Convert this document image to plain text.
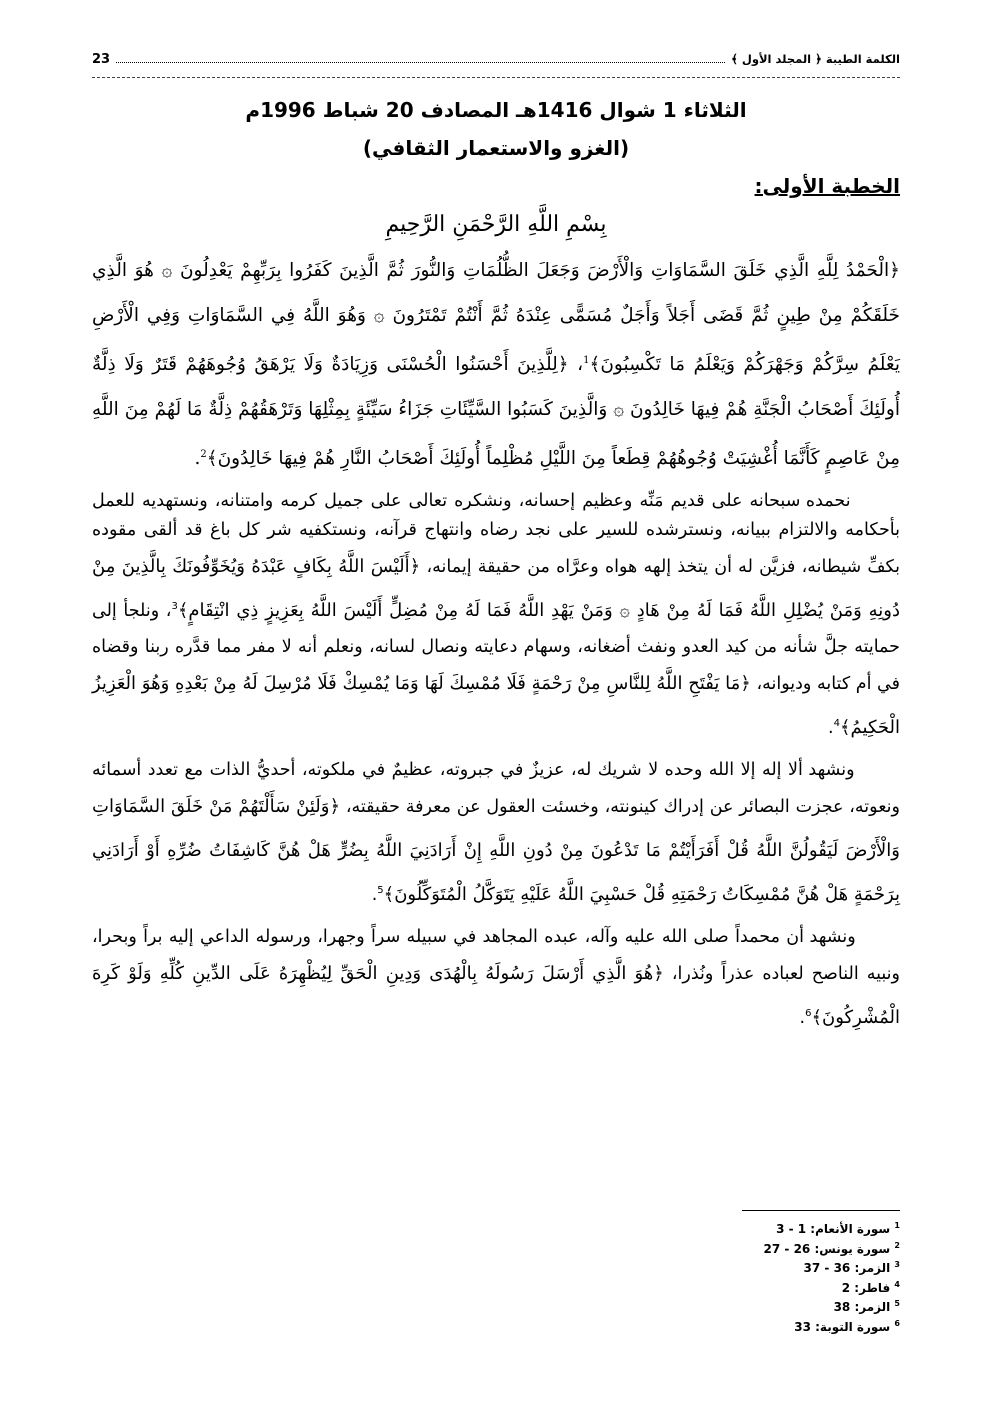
الكلمة الطيبة ﴿ المجلد الأول ﴾
23
الثلاثاء 1 شوال 1416هـ المصادف 20 شباط 1996م
(الغزو والاستعمار الثقافي)
الخطبة الأولى:
بِسْمِ اللَّهِ الرَّحْمَنِ الرَّحِيمِ
﴿الْحَمْدُ لِلَّهِ الَّذِي خَلَقَ السَّمَاوَاتِ وَالْأَرْضَ وَجَعَلَ الظُّلُمَاتِ وَالنُّورَ ثُمَّ الَّذِينَ كَفَرُوا بِرَبِّهِمْ يَعْدِلُونَ ۞ هُوَ الَّذِي خَلَقَكُمْ مِنْ طِينٍ ثُمَّ قَضَى أَجَلاً وَأَجَلٌ مُسَمًّى عِنْدَهُ ثُمَّ أَنْتُمْ تَمْتَرُونَ ۞ وَهُوَ اللَّهُ فِي السَّمَاوَاتِ وَفِي الْأَرْضِ يَعْلَمُ سِرَّكُمْ وَجَهْرَكُمْ وَيَعْلَمُ مَا تَكْسِبُونَ﴾$^1$، ﴿لِلَّذِينَ أَحْسَنُوا الْحُسْنَى وَزِيَادَةٌ وَلَا يَرْهَقُ وُجُوهَهُمْ قَتَرٌ وَلَا ذِلَّةٌ أُولَئِكَ أَصْحَابُ الْجَنَّةِ هُمْ فِيهَا خَالِدُونَ ۞ وَالَّذِينَ كَسَبُوا السَّيِّئَاتِ جَزَاءُ سَيِّئَةٍ بِمِثْلِهَا وَتَرْهَقُهُمْ ذِلَّةٌ مَا لَهُمْ مِنَ اللَّهِ مِنْ عَاصِمٍ كَأَنَّمَا أُغْشِيَتْ وُجُوهُهُمْ قِطَعاً مِنَ اللَّيْلِ مُظْلِماً أُولَئِكَ أَصْحَابُ النَّارِ هُمْ فِيهَا خَالِدُونَ﴾$^2$.

نحمده سبحانه على قديم مَنِّه وعظيم إحسانه، ونشكره تعالى على جميل كرمه وامتنانه، ونستهديه للعمل بأحكامه والالتزام ببيانه، ونسترشده للسير على نجد رضاه وانتهاج قرآنه، ونستكفيه شر كل باغ قد ألقى مقوده بكفِّ شيطانه، فزيَّن له أن يتخذ إلهه هواه وعرَّاه من حقيقة إيمانه، ﴿أَلَيْسَ اللَّهُ بِكَافٍ عَبْدَهُ وَيُخَوِّفُونَكَ بِالَّذِينَ مِنْ دُونِهِ وَمَنْ يُضْلِلِ اللَّهُ فَمَا لَهُ مِنْ هَادٍ ۞ وَمَنْ يَهْدِ اللَّهُ فَمَا لَهُ مِنْ مُضِلٍّ أَلَيْسَ اللَّهُ بِعَزِيزٍ ذِي انْتِقَامٍ﴾$^3$، ونلجأ إلى حمايته جلَّ شأنه من كيد العدو ونفث أضغانه، وسهام دعايته ونصال لسانه، ونعلم أنه لا مفر مما قدَّره ربنا وقضاه في أم كتابه وديوانه، ﴿مَا يَفْتَحِ اللَّهُ لِلنَّاسِ مِنْ رَحْمَةٍ فَلَا مُمْسِكَ لَهَا وَمَا يُمْسِكْ فَلَا مُرْسِلَ لَهُ مِنْ بَعْدِهِ وَهُوَ الْعَزِيزُ الْحَكِيمُ﴾$^4$.

ونشهد ألا إله إلا الله وحده لا شريك له، عزيزٌ في جبروته، عظيمٌ في ملكوته، أحديُّ الذات مع تعدد أسمائه ونعوته، عجزت البصائر عن إدراك كينونته، وخسئت العقول عن معرفة حقيقته، ﴿وَلَئِنْ سَأَلْتَهُمْ مَنْ خَلَقَ السَّمَاوَاتِ وَالْأَرْضَ لَيَقُولُنَّ اللَّهُ قُلْ أَفَرَأَيْتُمْ مَا تَدْعُونَ مِنْ دُونِ اللَّهِ إِنْ أَرَادَنِيَ اللَّهُ بِضُرٍّ هَلْ هُنَّ كَاشِفَاتُ ضُرِّهِ أَوْ أَرَادَنِي بِرَحْمَةٍ هَلْ هُنَّ مُمْسِكَاتُ رَحْمَتِهِ قُلْ حَسْبِيَ اللَّهُ عَلَيْهِ يَتَوَكَّلُ الْمُتَوَكِّلُونَ﴾$^5$.

ونشهد أن محمداً صلى الله عليه وآله، عبده المجاهد في سبيله سراً وجهرا، ورسوله الداعي إليه براً وبحرا، ونبيه الناصح لعباده عذراً ونُذرا، ﴿هُوَ الَّذِي أَرْسَلَ رَسُولَهُ بِالْهُدَى وَدِينِ الْحَقِّ لِيُظْهِرَهُ عَلَى الدِّينِ كُلِّهِ وَلَوْ كَرِهَ الْمُشْرِكُونَ﴾$^6$.

$^1$ سورة الأنعام: 1 - 3
$^2$ سورة يونس: 26 - 27
$^3$ الزمر: 36 - 37
$^4$ فاطر: 2
$^5$ الزمر: 38
$^6$ سورة التوبة: 33
